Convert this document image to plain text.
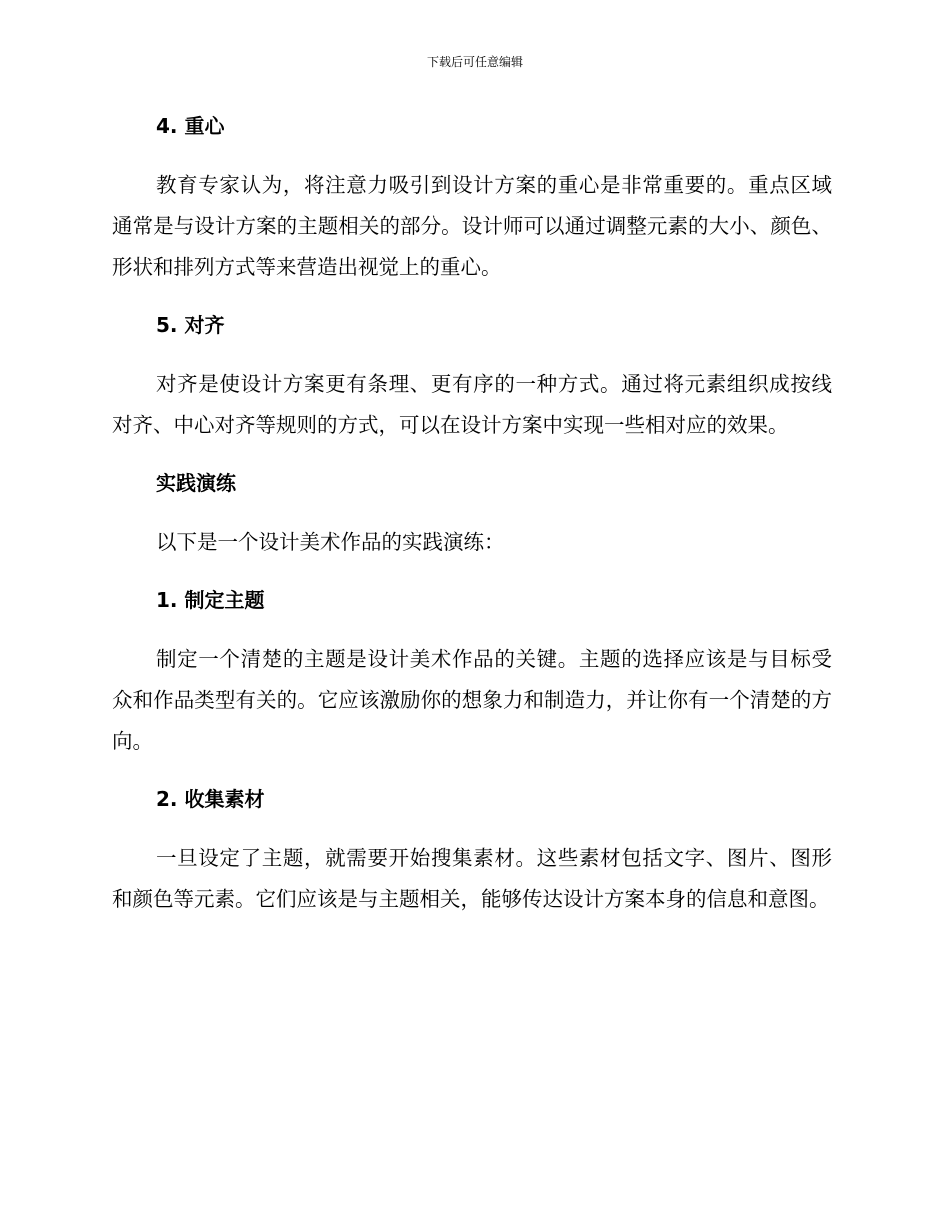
下载后可任意编辑
4. 重心

教育专家认为，将注意力吸引到设计方案的重心是非常重要的。重点区域通常是与设计方案的主题相关的部分。设计师可以通过调整元素的大小、颜色、形状和排列方式等来营造出视觉上的重心。

5. 对齐

对齐是使设计方案更有条理、更有序的一种方式。通过将元素组织成按线对齐、中心对齐等规则的方式，可以在设计方案中实现一些相对应的效果。

实践演练

以下是一个设计美术作品的实践演练：

1. 制定主题

制定一个清楚的主题是设计美术作品的关键。主题的选择应该是与目标受众和作品类型有关的。它应该激励你的想象力和制造力，并让你有一个清楚的方向。

2. 收集素材

一旦设定了主题，就需要开始搜集素材。这些素材包括文字、图片、图形和颜色等元素。它们应该是与主题相关，能够传达设计方案本身的信息和意图。
